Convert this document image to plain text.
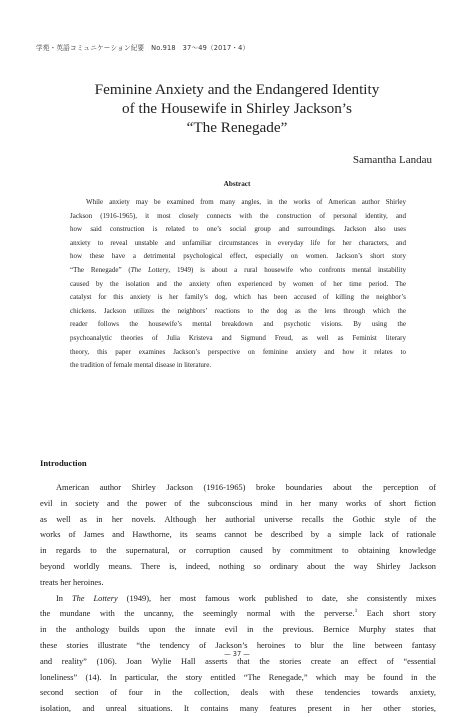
学苑・英語コミュニケーション紀要　No.918　37〜49（2017・4）
Feminine Anxiety and the Endangered Identity
of the Housewife in Shirley Jackson’s
“The Renegade”
Samantha Landau
Abstract
While anxiety may be examined from many angles, in the works of American author Shirley
Jackson (1916-1965), it most closely connects with the construction of personal identity, and
how said construction is related to one’s social group and surroundings. Jackson also uses
anxiety to reveal unstable and unfamiliar circumstances in everyday life for her characters, and
how these have a detrimental psychological effect, especially on women. Jackson’s short story
“The Renegade” (The Lottery, 1949) is about a rural housewife who confronts mental instability
caused by the isolation and the anxiety often experienced by women of her time period. The
catalyst for this anxiety is her family’s dog, which has been accused of killing the neighbor’s
chickens. Jackson utilizes the neighbors’ reactions to the dog as the lens through which the
reader follows the housewife’s mental breakdown and psychotic visions. By using the
psychoanalytic theories of Julia Kristeva and Sigmund Freud, as well as Feminist literary
theory, this paper examines Jackson’s perspective on feminine anxiety and how it relates to
the tradition of female mental disease in literature.
Introduction
American author Shirley Jackson (1916-1965) broke boundaries about the perception of
evil in society and the power of the subconscious mind in her many works of short fiction
as well as in her novels. Although her authorial universe recalls the Gothic style of the
works of James and Hawthorne, its seams cannot be described by a simple lack of rationale
in regards to the supernatural, or corruption caused by commitment to obtaining knowledge
beyond worldly means. There is, indeed, nothing so ordinary about the way Shirley Jackson
treats her heroines.
In The Lottery (1949), her most famous work published to date, she consistently mixes
the mundane with the uncanny, the seemingly normal with the perverse.$^1$ Each short story
in the anthology builds upon the innate evil in the previous. Bernice Murphy states that
these stories illustrate “the tendency of Jackson’s heroines to blur the line between fantasy
and reality” (106). Joan Wylie Hall asserts that the stories create an effect of “essential
loneliness” (14). In particular, the story entitled “The Renegade,” which may be found in the
second section of four in the collection, deals with these tendencies towards anxiety,
isolation, and unreal situations. It contains many features present in her other stories,
— 37 —
